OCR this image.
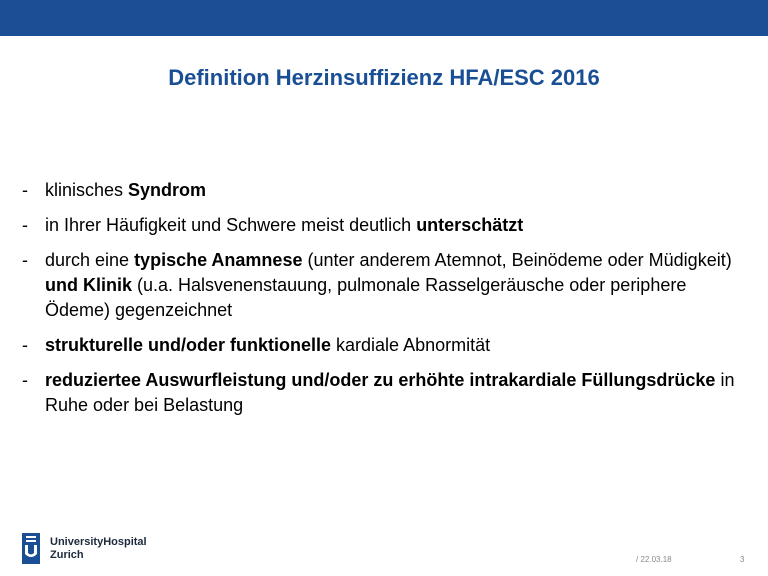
Definition Herzinsuffizienz HFA/ESC 2016
- klinisches Syndrom
- in Ihrer Häufigkeit und Schwere meist deutlich unterschätzt
- durch eine typische Anamnese (unter anderem Atemnot, Beinödeme oder Müdigkeit) und Klinik (u.a. Halsvenenstauung, pulmonale Rasselgeräusche oder periphere Ödeme) gegenzeichnet
- strukturelle und/oder funktionelle kardiale Abnormität
- reduziertee Auswurfleistung und/oder zu erhöhte intrakardiale Füllungsdrücke in Ruhe oder bei Belastung
UniversityHospital
Zurich	/ 22.03.18	3
